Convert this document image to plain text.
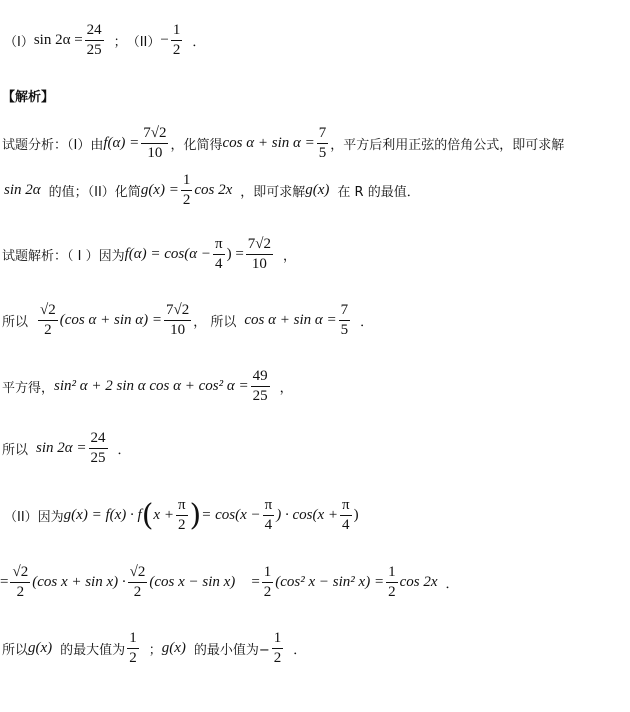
（I） $\sin 2\alpha = \frac{24}{25}$ ； $(II) - \frac{1}{2}$ ．
【解析】
试题分析：（I）由 $f(\alpha) = \frac{7√2}{10}$ ，化简得 $\cos \alpha + \sin \alpha = \frac{7}{5}$ ，平方后利用正弦的倍角公式，即可求解
sin 2α 的值；（II）化简 $g(x) = \frac{1}{2}$ cos 2x ，即可求解 g(x) 在 R 的最值．
试题解析：（ I ）因为 $f(\alpha) = \cos(\alpha - \frac{\pi}{4}$ ) = $\frac{7√2}{10}$ ，
所以 $\frac{√2}{2} (\cos$ $\alpha + \sin \alpha) = \frac{7√2}{10}$ ， 所以 $\cos \alpha + \sin \alpha = \frac{7}{5}$ ．
平方得， sin² α + 2 sin α cos α + cos² $\alpha = \frac{49}{25}$ ，
所以 $\sin 2\alpha = \frac{24}{25}$ ．
（II）因为 g(x) = f(x) · f ( $x + \frac{\pi}{2}$ ) = $\cos(x - \frac{\pi}{4}$ ) · $\cos(x + \frac{\pi}{4}$ )
= $\frac{√2}{2} (\cos$ $x + \sin x) \cdot \frac{√2}{2} (\cos$ $x - \sin x) = \frac{1}{2} (\cos^2$ x − sin² $x) = \frac{1}{2}$ cos 2x ．
所以 g(x) 的最大值为 $\frac{1}{2}$ ； g(x) 的最小值为− $\frac{1}{2}$ ．
